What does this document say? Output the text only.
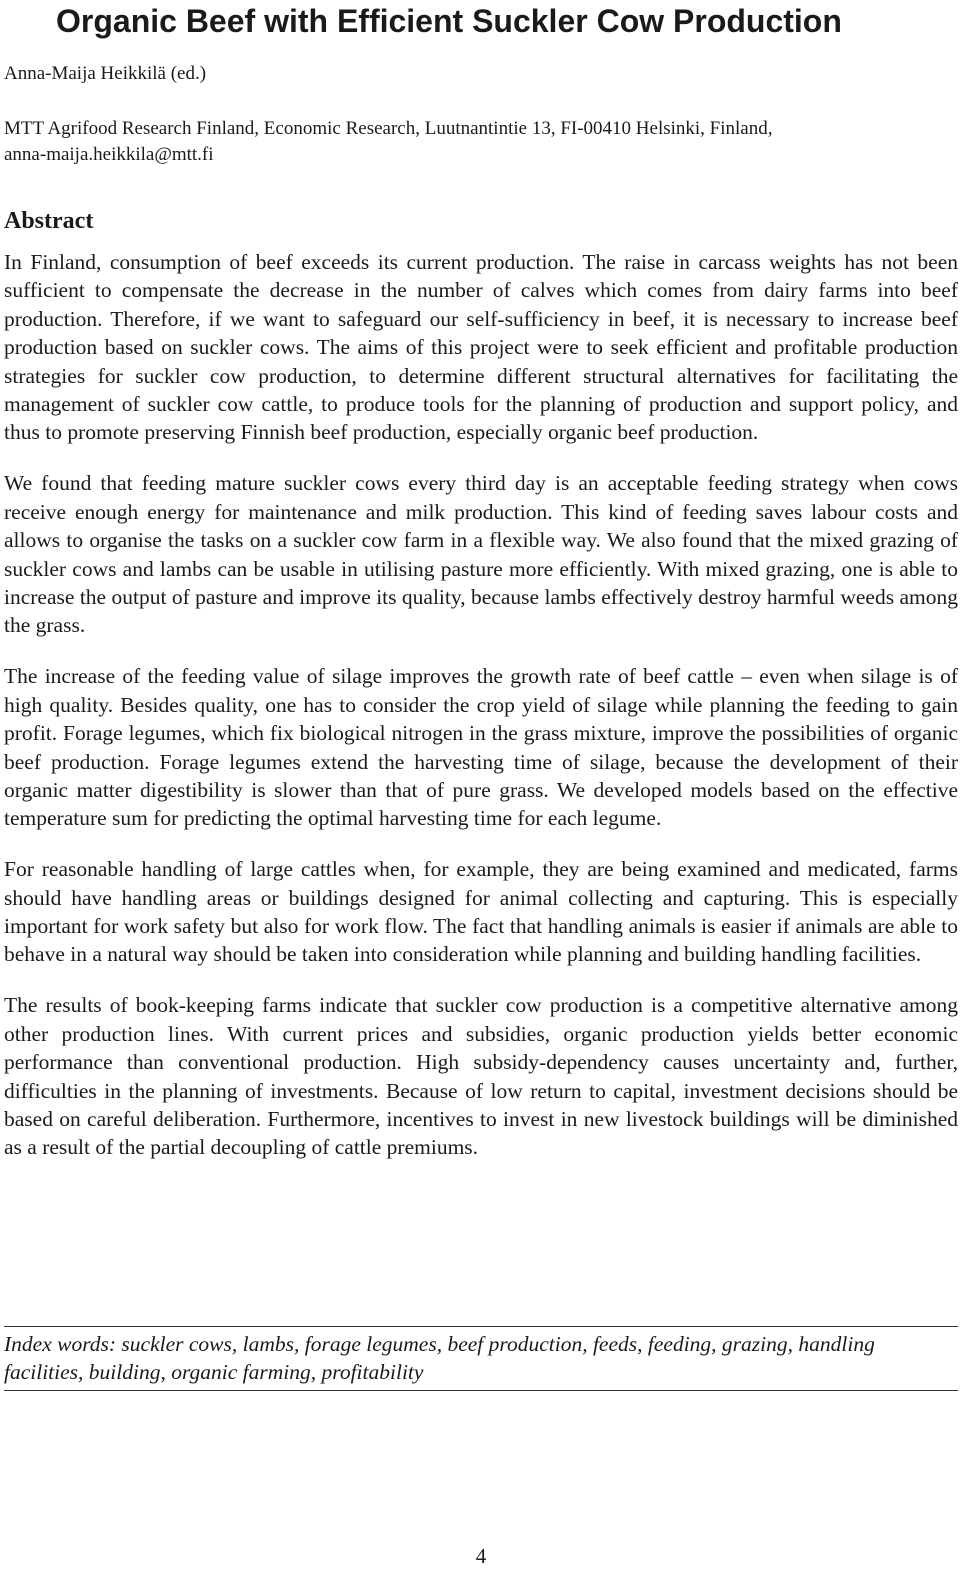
Organic Beef with Efficient Suckler Cow Production
Anna-Maija Heikkilä (ed.)
MTT Agrifood Research Finland, Economic Research, Luutnantintie 13, FI-00410 Helsinki, Finland,
anna-maija.heikkila@mtt.fi
Abstract

In Finland, consumption of beef exceeds its current production. The raise in carcass weights has not been sufficient to compensate the decrease in the number of calves which comes from dairy farms into beef production. Therefore, if we want to safeguard our self-sufficiency in beef, it is necessary to increase beef production based on suckler cows. The aims of this project were to seek efficient and profitable production strategies for suckler cow production, to determine different structural alternatives for facilitating the management of suckler cow cattle, to produce tools for the planning of production and support policy, and thus to promote preserving Finnish beef production, especially organic beef production.

We found that feeding mature suckler cows every third day is an acceptable feeding strategy when cows receive enough energy for maintenance and milk production. This kind of feeding saves labour costs and allows to organise the tasks on a suckler cow farm in a flexible way. We also found that the mixed grazing of suckler cows and lambs can be usable in utilising pasture more efficiently. With mixed grazing, one is able to increase the output of pasture and improve its quality, because lambs effectively destroy harmful weeds among the grass.

The increase of the feeding value of silage improves the growth rate of beef cattle – even when silage is of high quality. Besides quality, one has to consider the crop yield of silage while planning the feeding to gain profit. Forage legumes, which fix biological nitrogen in the grass mixture, improve the possibilities of organic beef production. Forage legumes extend the harvesting time of silage, because the development of their organic matter digestibility is slower than that of pure grass. We developed models based on the effective temperature sum for predicting the optimal harvesting time for each legume.

For reasonable handling of large cattles when, for example, they are being examined and medicated, farms should have handling areas or buildings designed for animal collecting and capturing. This is especially important for work safety but also for work flow. The fact that handling animals is easier if animals are able to behave in a natural way should be taken into consideration while planning and building handling facilities.

The results of book-keeping farms indicate that suckler cow production is a competitive alternative among other production lines. With current prices and subsidies, organic production yields better economic performance than conventional production. High subsidy-dependency causes uncertainty and, further, difficulties in the planning of investments. Because of low return to capital, investment decisions should be based on careful deliberation. Furthermore, incentives to invest in new livestock buildings will be diminished as a result of the partial decoupling of cattle premiums.

Index words: suckler cows, lambs, forage legumes, beef production, feeds, feeding, grazing, handling facilities, building, organic farming, profitability

4
